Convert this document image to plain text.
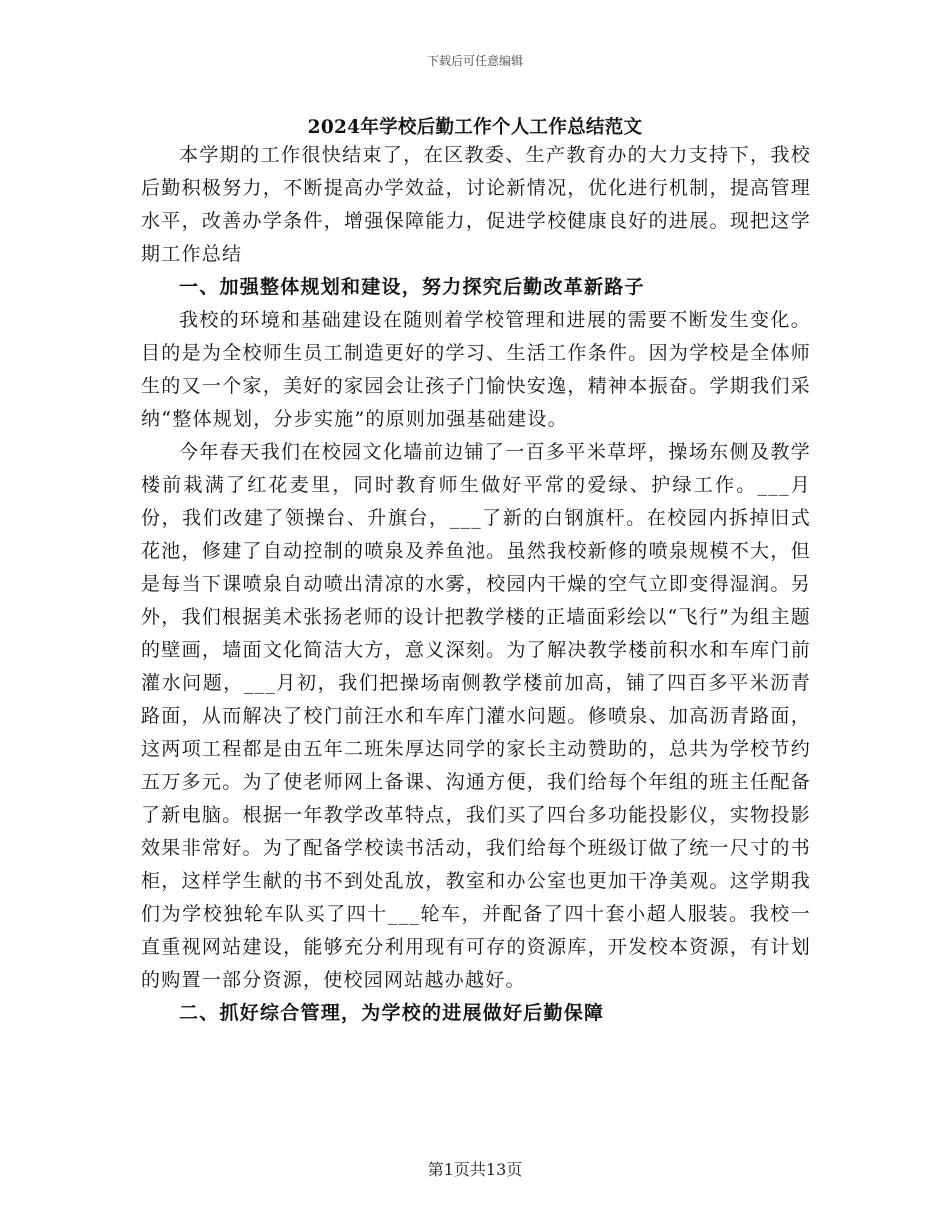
下载后可任意编辑
2024年学校后勤工作个人工作总结范文

本学期的工作很快结束了，在区教委、生产教育办的大力支持下，我校后勤积极努力，不断提高办学效益，讨论新情况，优化进行机制，提高管理水平，改善办学条件，增强保障能力，促进学校健康良好的进展。现把这学期工作总结

一、加强整体规划和建设，努力探究后勤改革新路子

我校的环境和基础建设在随则着学校管理和进展的需要不断发生变化。目的是为全校师生员工制造更好的学习、生活工作条件。因为学校是全体师生的又一个家，美好的家园会让孩子门愉快安逸，精神本振奋。学期我们采纳“整体规划，分步实施”的原则加强基础建设。

今年春天我们在校园文化墙前边铺了一百多平米草坪，操场东侧及教学楼前栽满了红花麦里，同时教育师生做好平常的爱绿、护绿工作。___月份，我们改建了领操台、升旗台，___了新的白钢旗杆。在校园内拆掉旧式花池，修建了自动控制的喷泉及养鱼池。虽然我校新修的喷泉规模不大，但是每当下课喷泉自动喷出清凉的水雾，校园内干燥的空气立即变得湿润。另外，我们根据美术张扬老师的设计把教学楼的正墙面彩绘以“飞行”为组主题的壁画，墙面文化简洁大方，意义深刻。为了解决教学楼前积水和车库门前灌水问题，___月初，我们把操场南侧教学楼前加高，铺了四百多平米沥青路面，从而解决了校门前汪水和车库门灌水问题。修喷泉、加高沥青路面，这两项工程都是由五年二班朱厚达同学的家长主动赞助的，总共为学校节约五万多元。为了使老师网上备课、沟通方便，我们给每个年组的班主任配备了新电脑。根据一年教学改革特点，我们买了四台多功能投影仪，实物投影效果非常好。为了配备学校读书活动，我们给每个班级订做了统一尺寸的书柜，这样学生献的书不到处乱放，教室和办公室也更加干净美观。这学期我们为学校独轮车队买了四十___轮车，并配备了四十套小超人服装。我校一直重视网站建设，能够充分利用现有可存的资源库，开发校本资源，有计划的购置一部分资源，使校园网站越办越好。

二、抓好综合管理，为学校的进展做好后勤保障

第1页共13页
